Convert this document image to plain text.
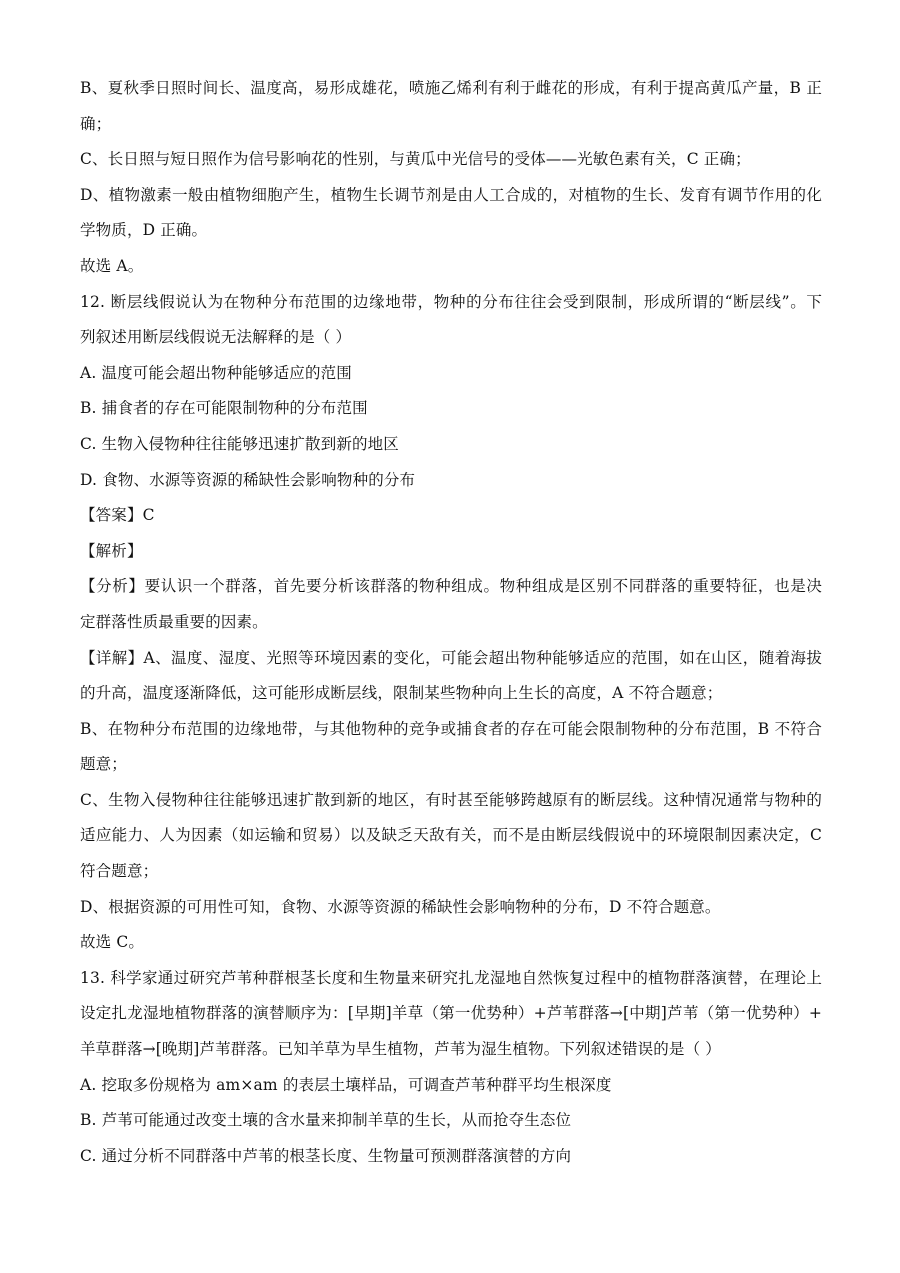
B、夏秋季日照时间长、温度高，易形成雄花，喷施乙烯利有利于雌花的形成，有利于提高黄瓜产量，B 正

确；

C、长日照与短日照作为信号影响花的性别，与黄瓜中光信号的受体——光敏色素有关，C 正确；

D、植物激素一般由植物细胞产生，植物生长调节剂是由人工合成的，对植物的生长、发育有调节作用的化

学物质，D 正确。

故选 A。

12. 断层线假说认为在物种分布范围的边缘地带，物种的分布往往会受到限制，形成所谓的“断层线”。下

列叙述用断层线假说无法解释的是（ ）

A. 温度可能会超出物种能够适应的范围

B. 捕食者的存在可能限制物种的分布范围

C. 生物入侵物种往往能够迅速扩散到新的地区

D. 食物、水源等资源的稀缺性会影响物种的分布

【答案】C

【解析】

【分析】要认识一个群落，首先要分析该群落的物种组成。物种组成是区别不同群落的重要特征，也是决

定群落性质最重要的因素。

【详解】A、温度、湿度、光照等环境因素的变化，可能会超出物种能够适应的范围，如在山区，随着海拔

的升高，温度逐渐降低，这可能形成断层线，限制某些物种向上生长的高度，A 不符合题意；

B、在物种分布范围的边缘地带，与其他物种的竞争或捕食者的存在可能会限制物种的分布范围，B 不符合

题意；

C、生物入侵物种往往能够迅速扩散到新的地区，有时甚至能够跨越原有的断层线。这种情况通常与物种的

适应能力、人为因素（如运输和贸易）以及缺乏天敌有关，而不是由断层线假说中的环境限制因素决定，C

符合题意；

D、根据资源的可用性可知，食物、水源等资源的稀缺性会影响物种的分布，D 不符合题意。

故选 C。

13. 科学家通过研究芦苇种群根茎长度和生物量来研究扎龙湿地自然恢复过程中的植物群落演替，在理论上

设定扎龙湿地植物群落的演替顺序为：[早期]羊草（第一优势种）+芦苇群落→[中期]芦苇（第一优势种）+

羊草群落→[晚期]芦苇群落。已知羊草为旱生植物，芦苇为湿生植物。下列叙述错误的是（ ）

A. 挖取多份规格为 am×am 的表层土壤样品，可调查芦苇种群平均生根深度

B. 芦苇可能通过改变土壤的含水量来抑制羊草的生长，从而抢夺生态位

C. 通过分析不同群落中芦苇的根茎长度、生物量可预测群落演替的方向
